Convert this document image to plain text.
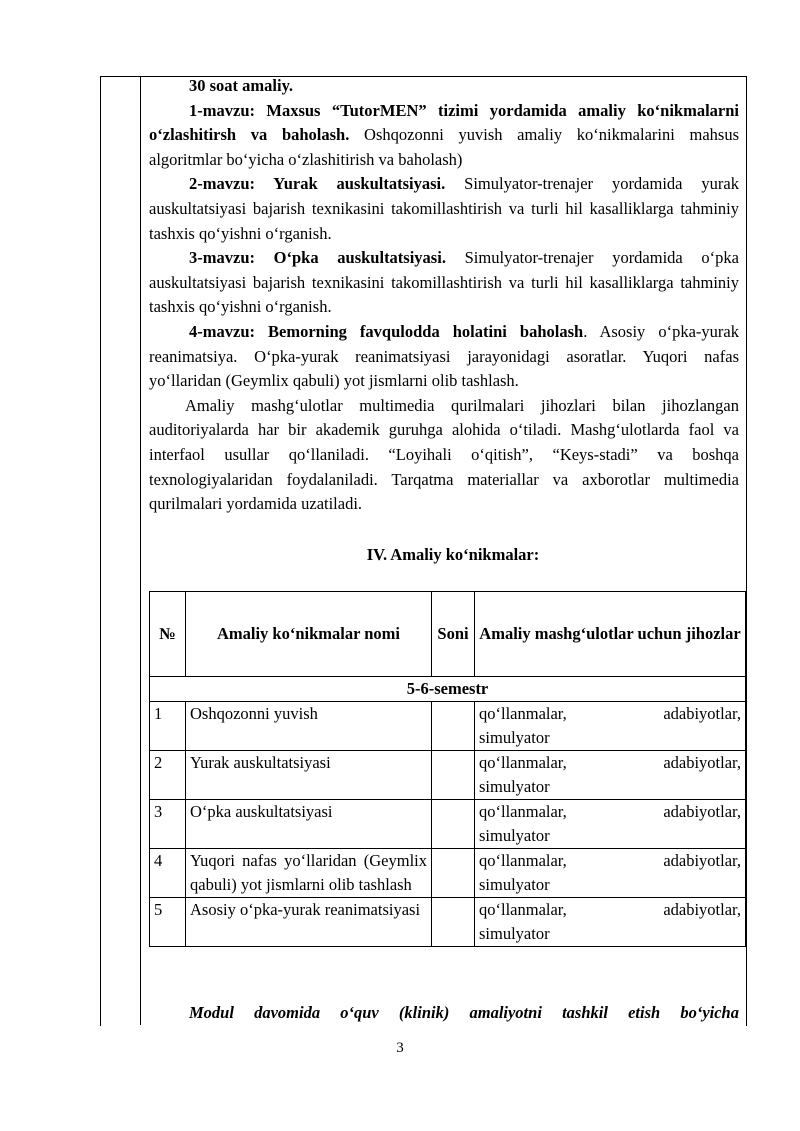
30 soat amaliy.

1-mavzu: Maxsus “TutorMEN” tizimi yordamida amaliy ko‘nikmalarni o‘zlashitirsh va baholash. Oshqozonni yuvish amaliy ko‘nikmalarini mahsus algoritmlar bo‘yicha o‘zlashitirish va baholash)

2-mavzu: Yurak auskultatsiyasi. Simulyator-trenajer yordamida yurak auskultatsiyasi bajarish texnikasini takomillashtirish va turli hil kasalliklarga tahminiy tashxis qo‘yishni o‘rganish.

3-mavzu: O‘pka auskultatsiyasi. Simulyator-trenajer yordamida o‘pka auskultatsiyasi bajarish texnikasini takomillashtirish va turli hil kasalliklarga tahminiy tashxis qo‘yishni o‘rganish.

4-mavzu: Bemorning favqulodda holatini baholash. Asosiy o‘pka-yurak reanimatsiya. O‘pka-yurak reanimatsiyasi jarayonidagi asoratlar. Yuqori nafas yo‘llaridan (Geymlix qabuli) yot jismlarni olib tashlash.

Amaliy mashg‘ulotlar multimedia qurilmalari jihozlari bilan jihozlangan auditoriyalarda har bir akademik guruhga alohida o‘tiladi. Mashg‘ulotlarda faol va interfaol usullar qo‘llaniladi. “Loyihali o‘qitish”, “Keys-stadi” va boshqa texnologiyalaridan foydalaniladi. Tarqatma materiallar va axborotlar multimedia qurilmalari yordamida uzatiladi.

IV. Amaliy ko‘nikmalar:

№	Amaliy ko‘nikmalar nomi	Soni	Amaliy mashg‘ulotlar uchun jihozlar
5-6-semestr			
1	Oshqozonni yuvish		qo‘llanmalar, adabiyotlar,
simulyator

2	Yurak auskultatsiyasi		qo‘llanmalar, adabiyotlar,
simulyator

3	O‘pka auskultatsiyasi		qo‘llanmalar, adabiyotlar,
simulyator

4	Yuqori nafas yo‘llaridan (Geymlix qabuli) yot jismlarni olib tashlash		qo‘llanmalar, adabiyotlar,
simulyator

5	Asosiy o‘pka-yurak reanimatsiyasi		qo‘llanmalar, adabiyotlar,
simulyator
Modul davomida o‘quv (klinik) amaliyotni tashkil etish bo‘yicha
3
